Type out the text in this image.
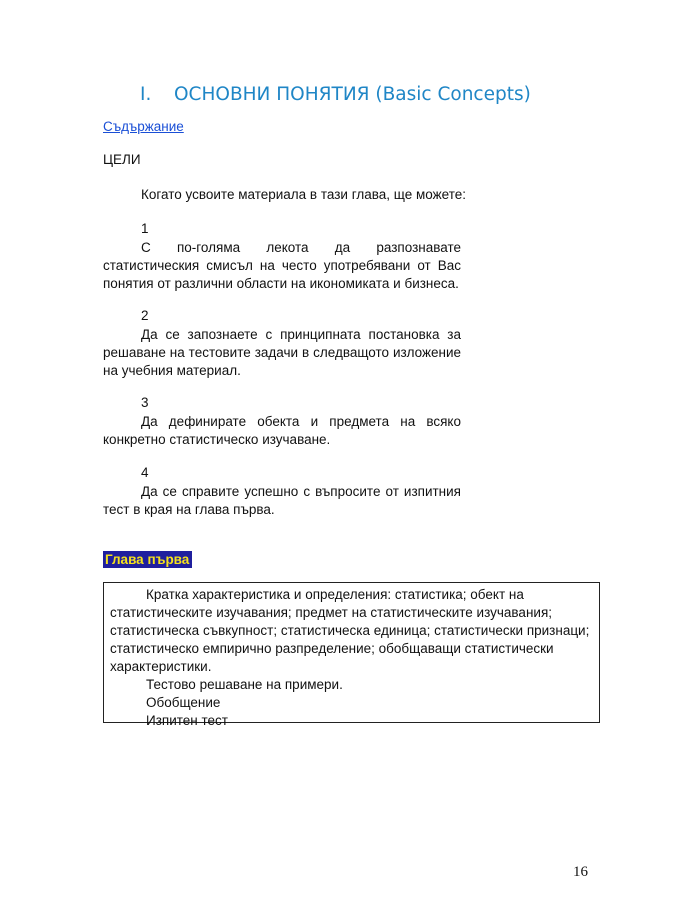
I. ОСНОВНИ ПОНЯТИЯ (Basic Concepts)
Съдържание
ЦЕЛИ
Когато усвоите материала в тази глава, ще можете:
1
С по-голяма лекота да разпознавате статистическия смисъл на често употребявани от Вас понятия от различни области на икономиката и бизнеса.
2
Да се запознаете с принципната постановка за решаване на тестовите задачи в следващото изложение на учебния материал.
3
Да дефинирате обекта и предмета на всяко конкретно статистическо изучаване.
4
Да се справите успешно с въпросите от изпитния тест в края на глава първа.
Глава първа
Кратка характеристика и определения: статистика; обект на статистическите изучавания; предмет на статистическите изучавания; статистическа съвкупност; статистическа единица; статистически признаци; статистическо емпирично разпределение; обобщаващи статистически характеристики.
Тестово решаване на примери.
Обобщение
Изпитен тест
16
